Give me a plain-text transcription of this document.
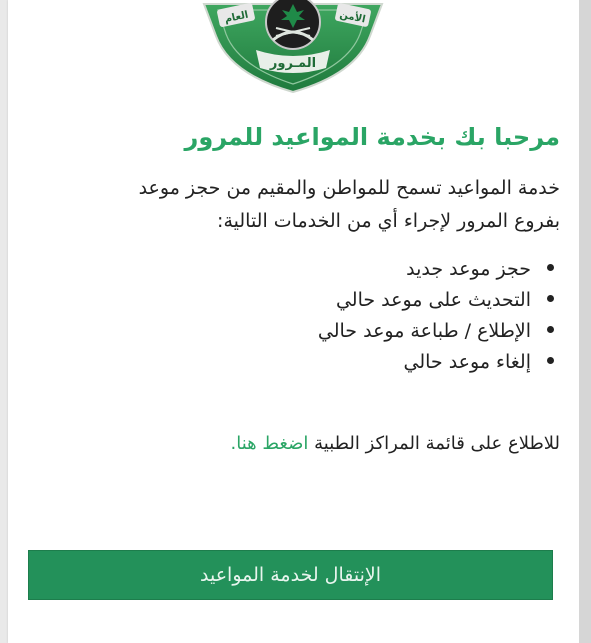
الأمن
العام
المـرور
مرحبا بك بخدمة المواعيد للمرور

خدمة المواعيد تسمح للمواطن والمقيم من حجز موعد
بفروع المرور لإجراء أي من الخدمات التالية:

حجز موعد جديد
التحديث على موعد حالي
الإطلاع / طباعة موعد حالي
إلغاء موعد حالي

للاطلاع على قائمة المراكز الطبية اضغط هنا.

الإنتقال لخدمة المواعيد
